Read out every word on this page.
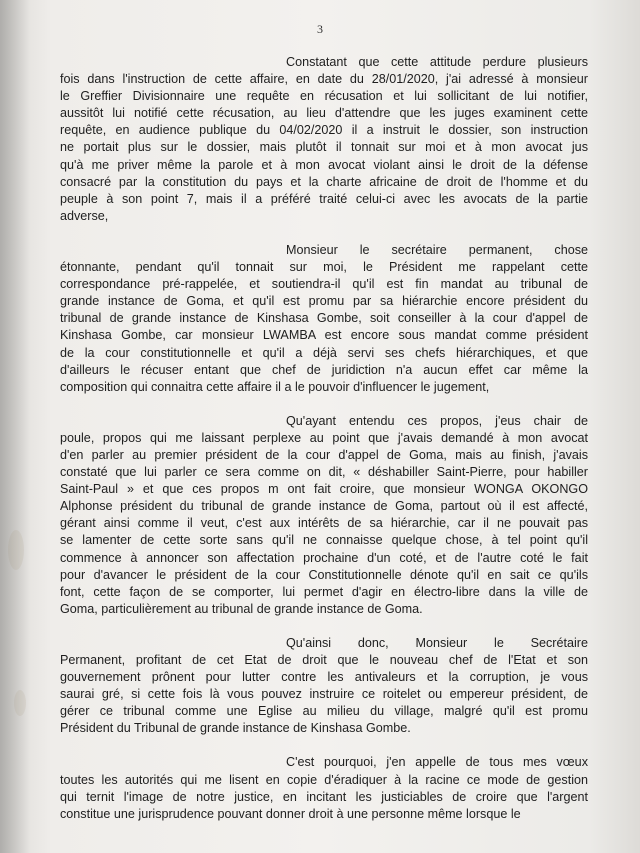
3
Constatant que cette attitude perdure plusieurs
fois dans l'instruction de cette affaire, en date du 28/01/2020, j'ai adressé à monsieur
le Greffier Divisionnaire une requête en récusation et lui sollicitant de lui notifier,
aussitôt lui notifié cette récusation, au lieu d'attendre que les juges examinent cette
requête, en audience publique du 04/02/2020 il a instruit le dossier, son instruction
ne portait plus sur le dossier, mais plutôt il tonnait sur moi et à mon avocat jus
qu'à me priver même la parole et à mon avocat violant ainsi le droit de la défense
consacré par la constitution du pays et la charte africaine de droit de l'homme et du
peuple à son point 7, mais il a préféré traité celui-ci avec les avocats de la partie
adverse,
Monsieur le secrétaire permanent, chose
étonnante, pendant qu'il tonnait sur moi, le Président me rappelant cette
correspondance pré-rappelée, et soutiendra-il qu'il est fin mandat au tribunal de
grande instance de Goma, et qu'il est promu par sa hiérarchie encore président du
tribunal de grande instance de Kinshasa Gombe, soit conseiller à la cour d'appel de
Kinshasa Gombe, car monsieur LWAMBA est encore sous mandat comme président
de la cour constitutionnelle et qu'il a déjà servi ses chefs hiérarchiques, et que
d'ailleurs le récuser entant que chef de juridiction n'a aucun effet car même la
composition qui connaitra cette affaire il a le pouvoir d'influencer le jugement,
Qu'ayant entendu ces propos, j'eus chair de
poule, propos qui me laissant perplexe au point que j'avais demandé à mon avocat
d'en parler au premier président de la cour d'appel de Goma, mais au finish, j'avais
constaté que lui parler ce sera comme on dit, « déshabiller Saint-Pierre, pour habiller
Saint-Paul » et que ces propos m ont fait croire, que monsieur WONGA OKONGO
Alphonse président du tribunal de grande instance de Goma, partout où il est affecté,
gérant ainsi comme il veut, c'est aux intérêts de sa hiérarchie, car il ne pouvait pas
se lamenter de cette sorte sans qu'il ne connaisse quelque chose, à tel point qu'il
commence à annoncer son affectation prochaine d'un coté, et de l'autre coté le fait
pour d'avancer le président de la cour Constitutionnelle dénote qu'il en sait ce qu'ils
font, cette façon de se comporter, lui permet d'agir en électro-libre dans la ville de
Goma, particulièrement au tribunal de grande instance de Goma.
Qu'ainsi donc, Monsieur le Secrétaire
Permanent, profitant de cet Etat de droit que le nouveau chef de l'Etat et son
gouvernement prônent pour lutter contre les antivaleurs et la corruption, je vous
saurai gré, si cette fois là vous pouvez instruire ce roitelet ou empereur président, de
gérer ce tribunal comme une Eglise au milieu du village, malgré qu'il est promu
Président du Tribunal de grande instance de Kinshasa Gombe.
C'est pourquoi, j'en appelle de tous mes vœux
toutes les autorités qui me lisent en copie d'éradiquer à la racine ce mode de gestion
qui ternit l'image de notre justice, en incitant les justiciables de croire que l'argent
constitue une jurisprudence pouvant donner droit à une personne même lorsque le
